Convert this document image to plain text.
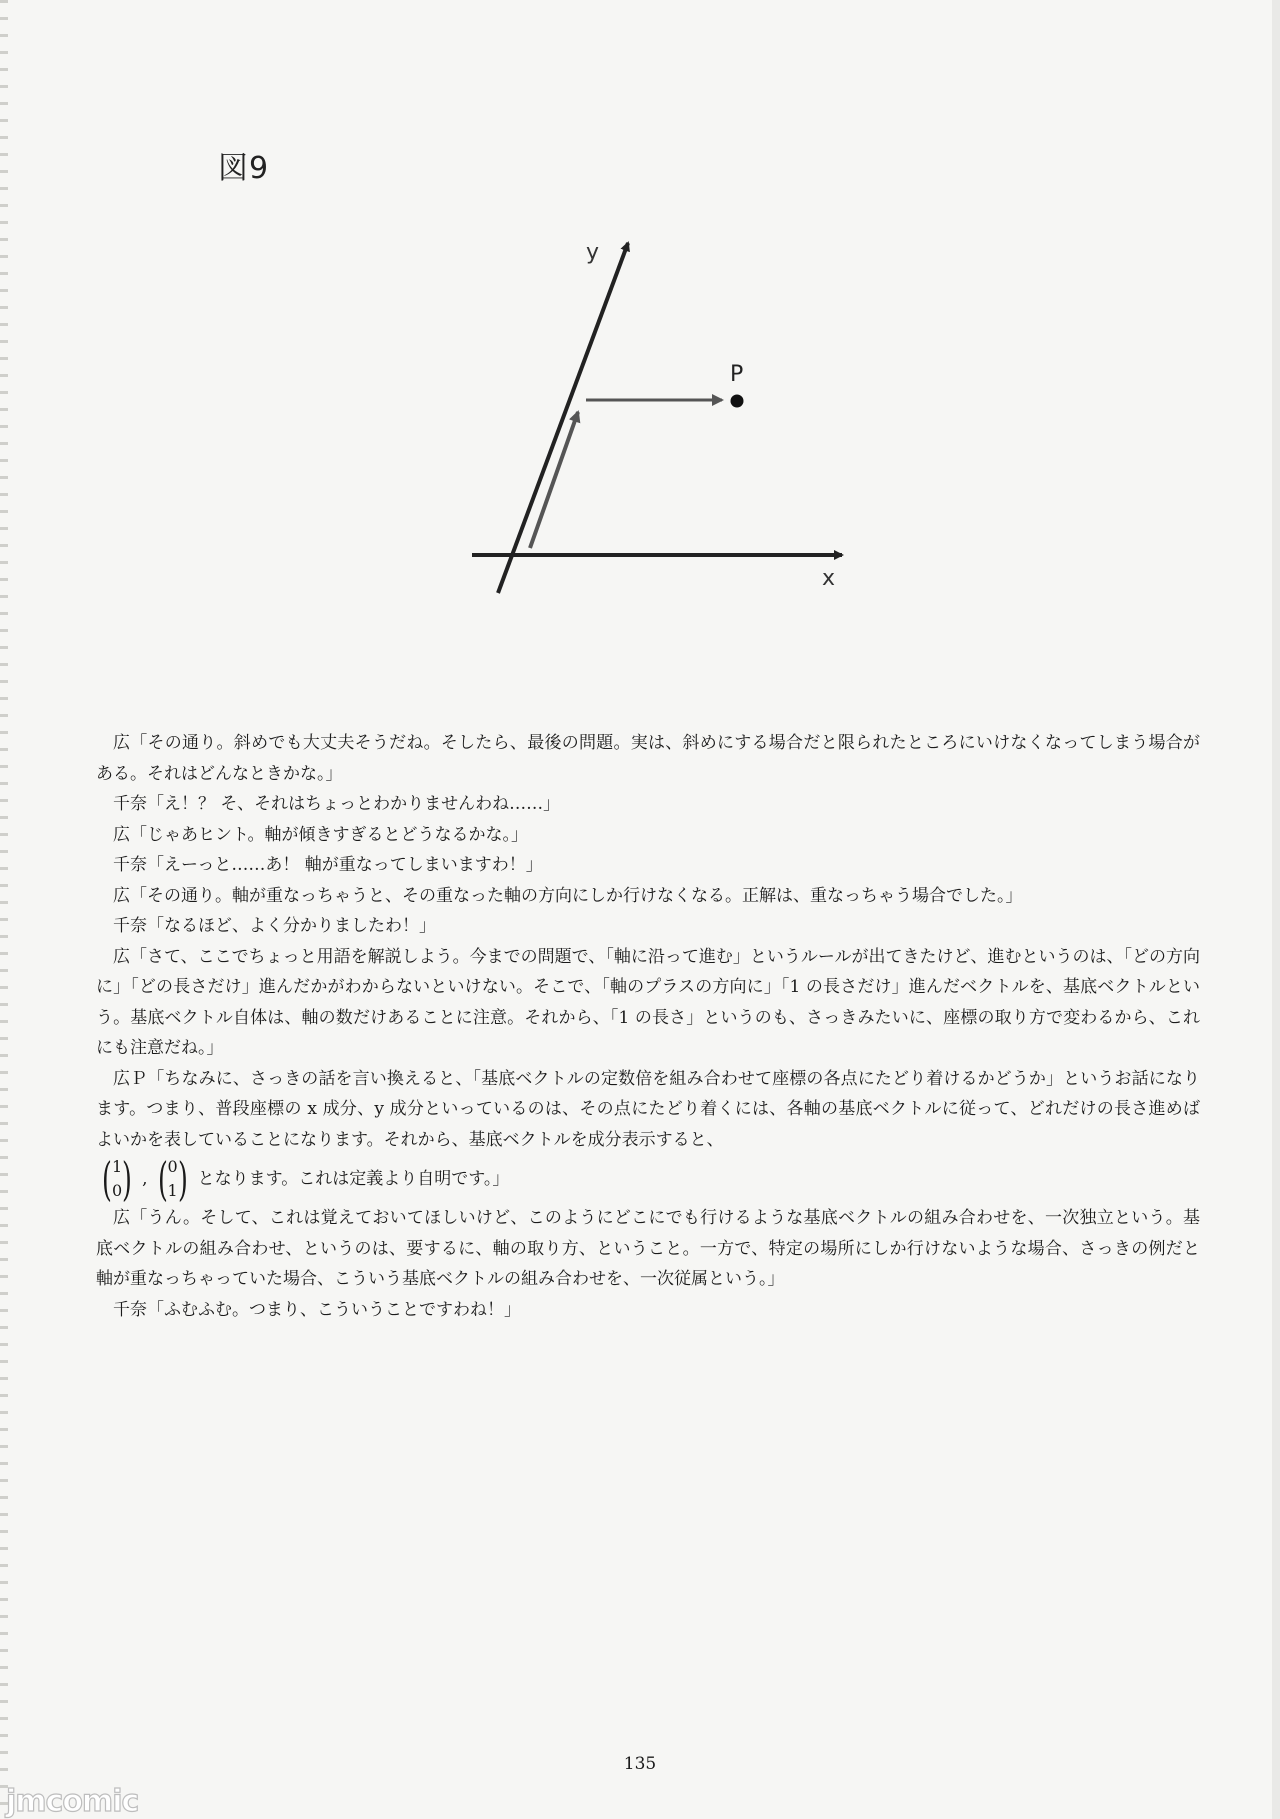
図9
y
x
P

広「その通り。斜めでも大丈夫そうだね。そしたら、最後の問題。実は、斜めにする場合だと限られたところにいけなくなってしまう場合がある。それはどんなときかな。」

千奈「え！？ そ、それはちょっとわかりませんわね……」

広「じゃあヒント。軸が傾きすぎるとどうなるかな。」

千奈「えーっと……あ！ 軸が重なってしまいますわ！」

広「その通り。軸が重なっちゃうと、その重なった軸の方向にしか行けなくなる。正解は、重なっちゃう場合でした。」

千奈「なるほど、よく分かりましたわ！」

広「さて、ここでちょっと用語を解説しよう。今までの問題で、「軸に沿って進む」というルールが出てきたけど、進むというのは、「どの方向に」「どの長さだけ」進んだかがわからないといけない。そこで、「軸のプラスの方向に」「1 の長さだけ」進んだベクトルを、基底ベクトルという。基底ベクトル自体は、軸の数だけあることに注意。それから、「1 の長さ」というのも、さっきみたいに、座標の取り方で変わるから、これにも注意だね。」

広Ｐ「ちなみに、さっきの話を言い換えると、「基底ベクトルの定数倍を組み合わせて座標の各点にたどり着けるかどうか」というお話になります。つまり、普段座標の x 成分、y 成分といっているのは、その点にたどり着くには、各軸の基底ベクトルに従って、どれだけの長さ進めばよいかを表していることになります。それから、基底ベクトルを成分表示すると、

( 1
0 ) , ( 0
1 ) となります。これは定義より自明です。」

広「うん。そして、これは覚えておいてほしいけど、このようにどこにでも行けるような基底ベクトルの組み合わせを、一次独立という。基底ベクトルの組み合わせ、というのは、要するに、軸の取り方、ということ。一方で、特定の場所にしか行けないような場合、さっきの例だと軸が重なっちゃっていた場合、こういう基底ベクトルの組み合わせを、一次従属という。」

千奈「ふむふむ。つまり、こういうことですわね！」

135
jmcomic
